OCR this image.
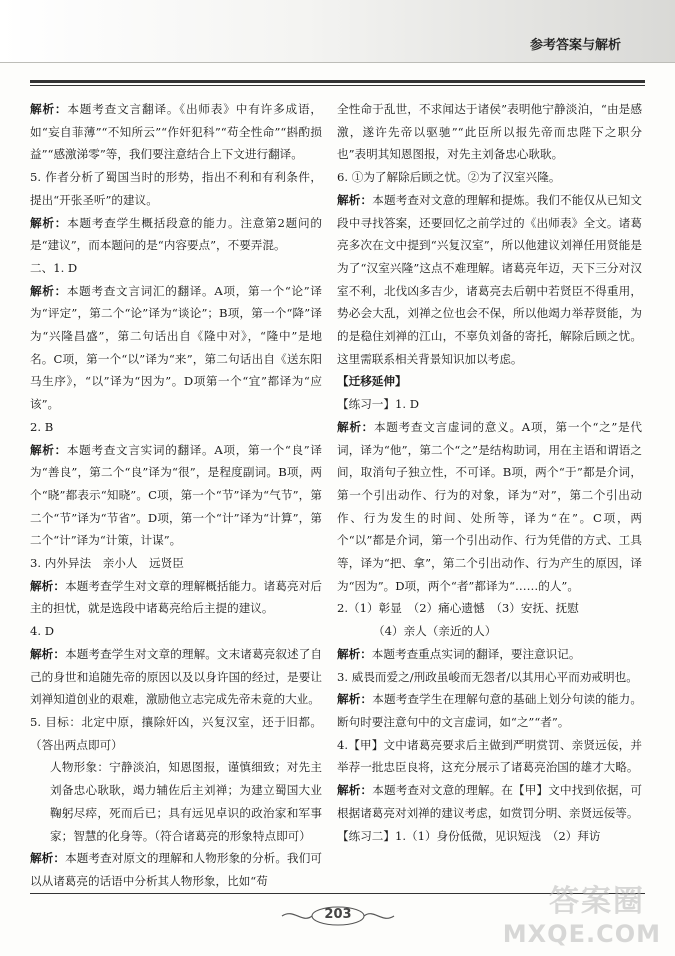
参考答案与解析

解析：本题考查文言翻译。《出师表》中有许多成语，如“妄自菲薄”“不知所云”“作奸犯科”“苟全性命”“斟酌损益”“感激涕零”等，我们要注意结合上下文进行翻译。

5. 作者分析了蜀国当时的形势，指出不利和有利条件，提出“开张圣听”的建议。

解析：本题考查学生概括段意的能力。注意第2题问的是“建议”，而本题问的是“内容要点”，不要弄混。

二、1. D

解析：本题考查文言词汇的翻译。A项，第一个“论”译为“评定”，第二个“论”译为“谈论”；B项，第一个“降”译为“兴隆昌盛”，第二句话出自《隆中对》，“隆中”是地名。C项，第一个“以”译为“来”，第二句话出自《送东阳马生序》，“以”译为“因为”。D项第一个“宜”都译为“应该”。

2. B

解析：本题考查文言实词的翻译。A项，第一个“良”译为“善良”，第二个“良”译为“很”，是程度副词。B项，两个“晓”都表示“知晓”。C项，第一个“节”译为“气节”，第二个“节”译为“节省”。D项，第一个“计”译为“计算”，第二个“计”译为“计策，计谋”。

3. 内外异法　亲小人　远贤臣

解析：本题考查学生对文章的理解概括能力。诸葛亮对后主的担忧，就是选段中诸葛亮给后主提的建议。

4. D

解析：本题考查学生对文章的理解。文末诸葛亮叙述了自己的身世和追随先帝的原因以及以身许国的经过，是要让刘禅知道创业的艰难，激励他立志完成先帝未竟的大业。

5. 目标：北定中原，攘除奸凶，兴复汉室，还于旧都。（答出两点即可）

人物形象：宁静淡泊，知恩图报，谨慎细致；对先主刘备忠心耿耿，竭力辅佐后主刘禅；为建立蜀国大业鞠躬尽瘁，死而后已；具有远见卓识的政治家和军事家；智慧的化身等。（符合诸葛亮的形象特点即可）

解析：本题考查对原文的理解和人物形象的分析。我们可以从诸葛亮的话语中分析其人物形象，比如“苟

全性命于乱世，不求闻达于诸侯”表明他宁静淡泊，“由是感激，遂许先帝以驱驰”“此臣所以报先帝而忠陛下之职分也”表明其知恩图报，对先主刘备忠心耿耿。

6. ①为了解除后顾之忧。②为了汉室兴隆。

解析：本题考查对文意的理解和提炼。我们不能仅从已知文段中寻找答案，还要回忆之前学过的《出师表》全文。诸葛亮多次在文中提到“兴复汉室”，所以他建议刘禅任用贤能是为了“汉室兴隆”这点不难理解。诸葛亮年迈，天下三分对汉室不利，北伐凶多吉少，诸葛亮去后朝中若贤臣不得重用，势必会大乱，刘禅之位也会不保，所以他竭力举荐贤能，为的是稳住刘禅的江山，不辜负刘备的寄托，解除后顾之忧。这里需联系相关背景知识加以考虑。

【迁移延伸】

【练习一】1. D

解析：本题考查文言虚词的意义。A项，第一个“之”是代词，译为“他”，第二个“之”是结构助词，用在主语和谓语之间，取消句子独立性，不可译。B项，两个“于”都是介词，第一个引出动作、行为的对象，译为“对”，第二个引出动作、行为发生的时间、处所等，译为“在”。C项，两个“以”都是介词，第一个引出动作、行为凭借的方式、工具等，译为“把、拿”，第二个引出动作、行为产生的原因，译为“因为”。D项，两个“者”都译为“……的人”。

2.（1）彰显　（2）痛心遗憾　（3）安抚、抚慰

（4）亲人（亲近的人）

解析：本题考查重点实词的翻译，要注意识记。

3. 威畏而爱之/刑政虽峻而无怨者/以其用心平而劝戒明也。

解析：本题考查学生在理解句意的基础上划分句读的能力。断句时要注意句中的文言虚词，如“之”“者”。

4.【甲】文中诸葛亮要求后主做到严明赏罚、亲贤远佞，并举荐一批忠臣良将，这充分展示了诸葛亮治国的雄才大略。

解析：本题考查对文意的理解。在【甲】文中找到依据，可根据诸葛亮对刘禅的建议考虑，如赏罚分明、亲贤远佞等。

【练习二】1.（1）身份低微，见识短浅　（2）拜访

203	答案圈
MXQE.COM
